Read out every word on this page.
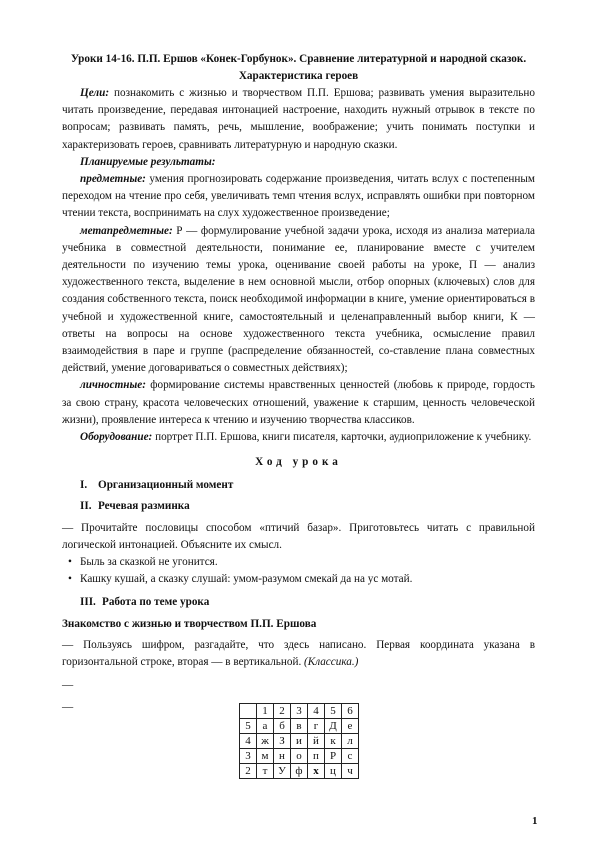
Уроки 14-16. П.П. Ершов «Конек-Горбунок». Сравнение литературной и народной сказок.
Характеристика героев

Цели: познакомить с жизнью и творчеством П.П. Ершова; развивать умения выразительно читать произведение, передавая интонацией настроение, находить нужный отрывок в тексте по вопросам; развивать память, речь, мышление, воображение; учить понимать поступки и характеризовать героев, сравнивать литературную и народную сказки.

Планируемые результаты:

предметные: умения прогнозировать содержание произведения, читать вслух с постепенным переходом на чтение про себя, увеличивать темп чтения вслух, исправлять ошибки при повторном чтении текста, воспринимать на слух художественное произведение;

метапредметные: Р — формулирование учебной задачи урока, исходя из анализа материала учебника в совместной деятельности, понимание ее, планирование вместе с учителем деятельности по изучению темы урока, оценивание своей работы на уроке, П — анализ художественного текста, выделение в нем основной мысли, отбор опорных (ключевых) слов для создания собственного текста, поиск необходимой информации в книге, умение ориентироваться в учебной и художественной книге, самостоятельный и целенаправленный выбор книги, К — ответы на вопросы на основе художественного текста учебника, осмысление правил взаимодействия в паре и группе (распределение обязанностей, со-ставление плана совместных действий, умение договариваться о совместных действиях);

личностные: формирование системы нравственных ценностей (любовь к природе, гордость за свою страну, красота человеческих отношений, уважение к старшим, ценность человеческой жизни), проявление интереса к чтению и изучению творчества классиков.

Оборудование: портрет П.П. Ершова, книги писателя, карточки, аудиоприложение к учебнику.

Ход урока
I. Организационный момент
II. Речевая разминка

— Прочитайте пословицы способом «птичий базар». Приготовьтесь читать с правильной логической интонацией. Объясните их смысл.

• Быль за сказкой не угонится.
• Кашку кушай, а сказку слушай: умом-разумом смекай да на ус мотай.
III. Работа по теме урока
Знакомство с жизнью и творчеством П.П. Ершова

— Пользуясь шифром, разгадайте, что здесь написано. Первая координата указана в горизонтальной строке, вторая — в вертикальной. (Классика.)

—
—
		1	2	3	4	5	6
5	а	б	в	г	Д	е
4	ж	З	и	й	к	л
3	м	н	о	п	Р	с
2	т	У	ф	х	ц	ч
1
